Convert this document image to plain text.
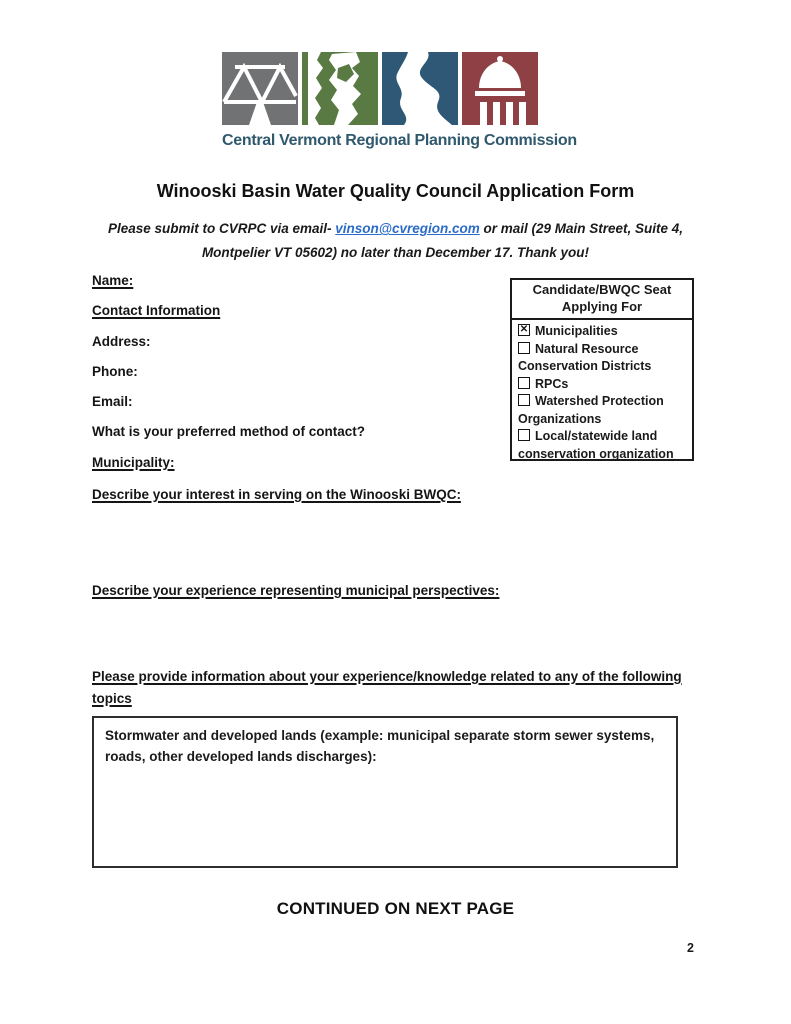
Central Vermont Regional Planning Commission
Winooski Basin Water Quality Council Application Form
Please submit to CVRPC via email- vinson@cvregion.com or mail (29 Main Street, Suite 4,
Montpelier VT 05602) no later than December 17. Thank you!
Name:
Contact Information
Address:
Phone:
Email:
What is your preferred method of contact?
Municipality:
Describe your interest in serving on the Winooski BWQC:
Describe your experience representing municipal perspectives:
Please provide information about your experience/knowledge related to any of the following topics
Candidate/BWQC Seat
Applying For
✕Municipalities
Natural Resource Conservation Districts
RPCs
Watershed Protection Organizations
Local/statewide land conservation organization
Stormwater and developed lands (example: municipal separate storm sewer systems, roads, other developed lands discharges):
CONTINUED ON NEXT PAGE
2
